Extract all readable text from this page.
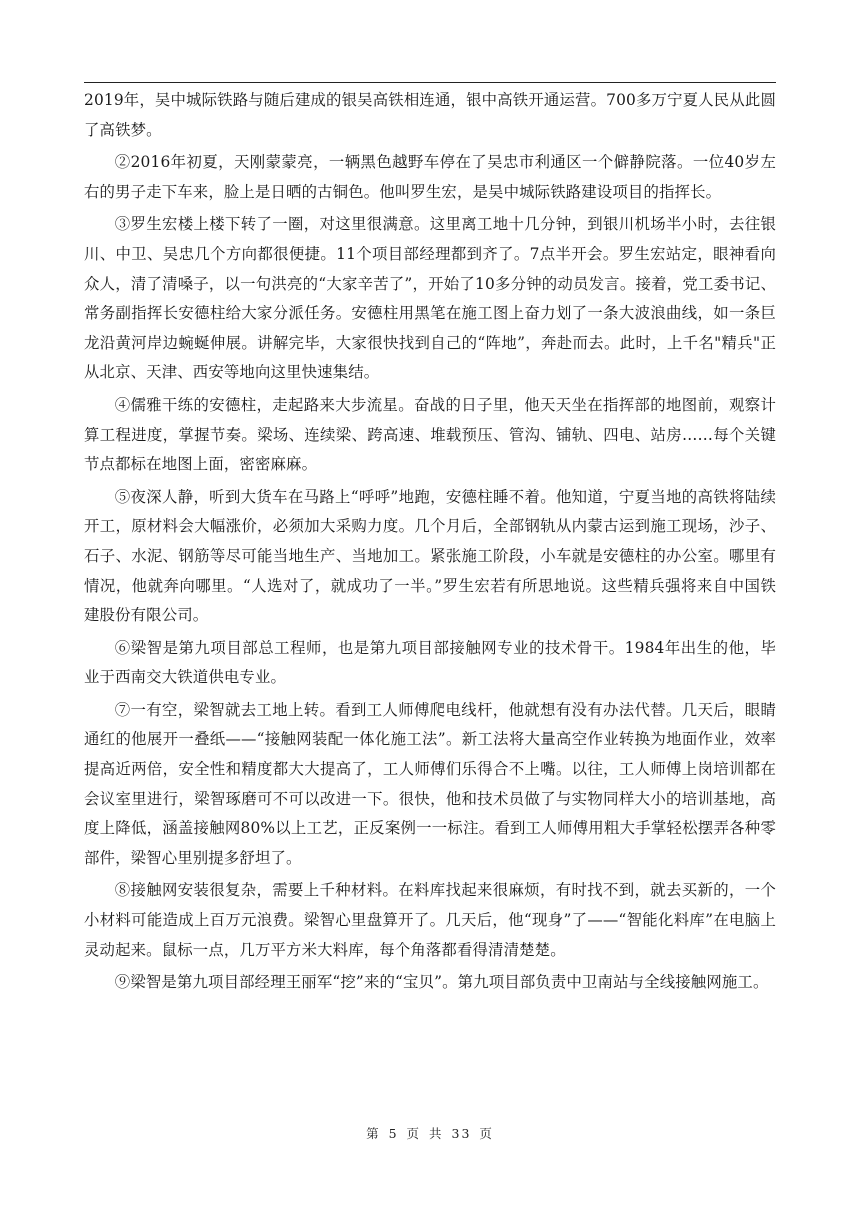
2019年，吴中城际铁路与随后建成的银吴高铁相连通，银中高铁开通运营。700多万宁夏人民从此圆了高铁梦。

②2016年初夏，天刚蒙蒙亮，一辆黑色越野车停在了吴忠市利通区一个僻静院落。一位40岁左右的男子走下车来，脸上是日晒的古铜色。他叫罗生宏，是吴中城际铁路建设项目的指挥长。

③罗生宏楼上楼下转了一圈，对这里很满意。这里离工地十几分钟，到银川机场半小时，去往银川、中卫、吴忠几个方向都很便捷。11个项目部经理都到齐了。7点半开会。罗生宏站定，眼神看向众人，清了清嗓子，以一句洪亮的“大家辛苦了”，开始了10多分钟的动员发言。接着，党工委书记、常务副指挥长安德柱给大家分派任务。安德柱用黑笔在施工图上奋力划了一条大波浪曲线，如一条巨龙沿黄河岸边蜿蜒伸展。讲解完毕，大家很快找到自己的“阵地”，奔赴而去。此时，上千名"精兵"正从北京、天津、西安等地向这里快速集结。

④儒雅干练的安德柱，走起路来大步流星。奋战的日子里，他天天坐在指挥部的地图前，观察计算工程进度，掌握节奏。梁场、连续梁、跨高速、堆载预压、管沟、铺轨、四电、站房……每个关键节点都标在地图上面，密密麻麻。

⑤夜深人静，听到大货车在马路上“呼呼”地跑，安德柱睡不着。他知道，宁夏当地的高铁将陆续开工，原材料会大幅涨价，必须加大采购力度。几个月后，全部钢轨从内蒙古运到施工现场，沙子、石子、水泥、钢筋等尽可能当地生产、当地加工。紧张施工阶段，小车就是安德柱的办公室。哪里有情况，他就奔向哪里。“人选对了，就成功了一半。”罗生宏若有所思地说。这些精兵强将来自中国铁建股份有限公司。

⑥梁智是第九项目部总工程师，也是第九项目部接触网专业的技术骨干。1984年出生的他，毕业于西南交大铁道供电专业。

⑦一有空，梁智就去工地上转。看到工人师傅爬电线杆，他就想有没有办法代替。几天后，眼睛通红的他展开一叠纸——“接触网装配一体化施工法”。新工法将大量高空作业转换为地面作业，效率提高近两倍，安全性和精度都大大提高了，工人师傅们乐得合不上嘴。以往，工人师傅上岗培训都在会议室里进行，梁智琢磨可不可以改进一下。很快，他和技术员做了与实物同样大小的培训基地，高度上降低，涵盖接触网80%以上工艺，正反案例一一标注。看到工人师傅用粗大手掌轻松摆弄各种零部件，梁智心里别提多舒坦了。

⑧接触网安装很复杂，需要上千种材料。在料库找起来很麻烦，有时找不到，就去买新的，一个小材料可能造成上百万元浪费。梁智心里盘算开了。几天后，他“现身”了——“智能化料库”在电脑上灵动起来。鼠标一点，几万平方米大料库，每个角落都看得清清楚楚。

⑨梁智是第九项目部经理王丽军“挖”来的“宝贝”。第九项目部负责中卫南站与全线接触网施工。

第 5 页 共 33 页
